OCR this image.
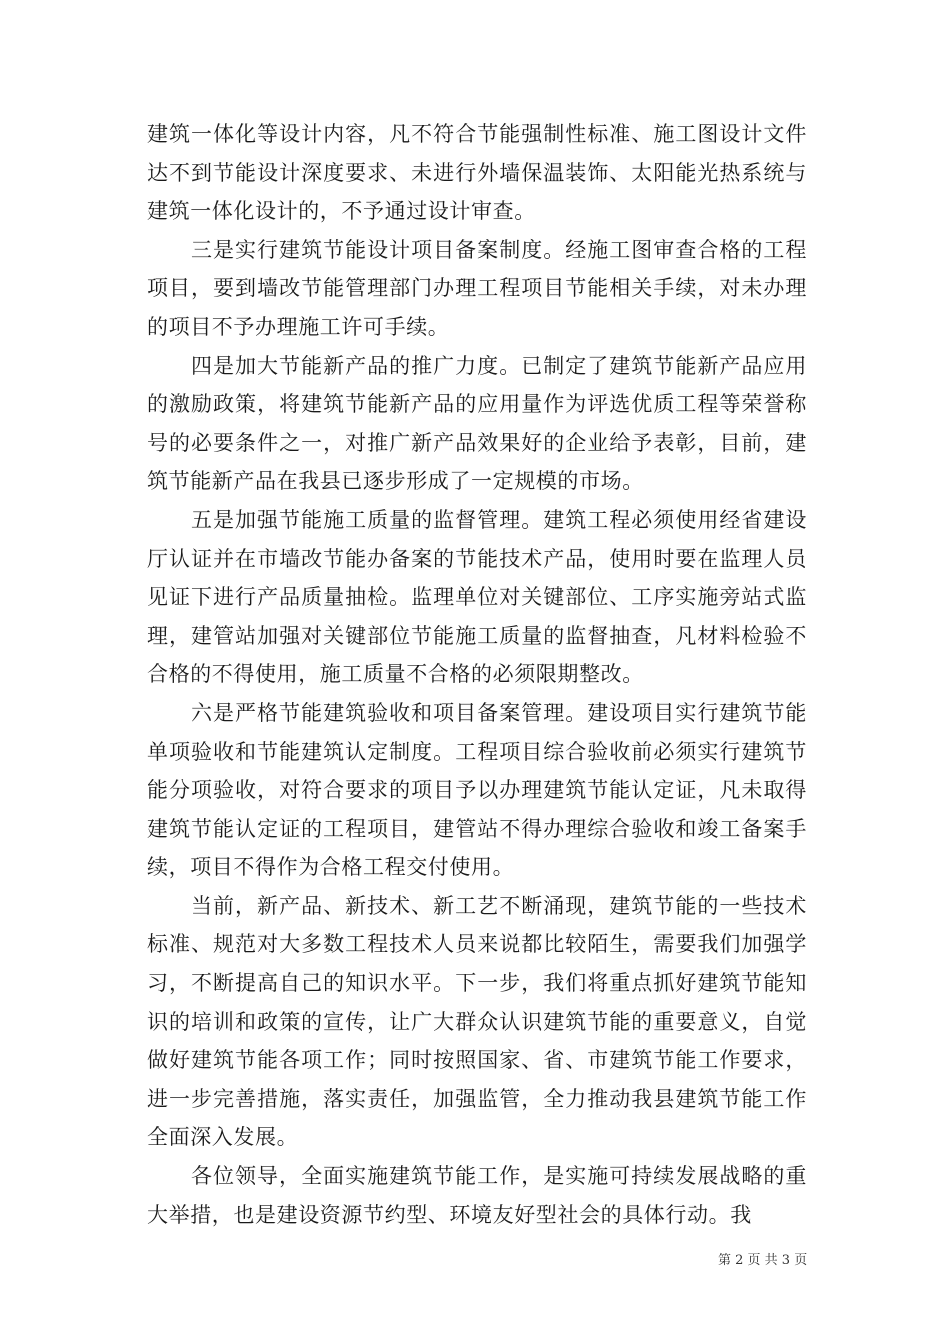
建筑一体化等设计内容，凡不符合节能强制性标准、施工图设计文件达不到节能设计深度要求、未进行外墙保温装饰、太阳能光热系统与建筑一体化设计的，不予通过设计审查。

三是实行建筑节能设计项目备案制度。经施工图审查合格的工程项目，要到墙改节能管理部门办理工程项目节能相关手续，对未办理的项目不予办理施工许可手续。

四是加大节能新产品的推广力度。已制定了建筑节能新产品应用的激励政策，将建筑节能新产品的应用量作为评选优质工程等荣誉称号的必要条件之一，对推广新产品效果好的企业给予表彰，目前，建筑节能新产品在我县已逐步形成了一定规模的市场。

五是加强节能施工质量的监督管理。建筑工程必须使用经省建设厅认证并在市墙改节能办备案的节能技术产品，使用时要在监理人员见证下进行产品质量抽检。监理单位对关键部位、工序实施旁站式监理，建管站加强对关键部位节能施工质量的监督抽查，凡材料检验不合格的不得使用，施工质量不合格的必须限期整改。

六是严格节能建筑验收和项目备案管理。建设项目实行建筑节能单项验收和节能建筑认定制度。工程项目综合验收前必须实行建筑节能分项验收，对符合要求的项目予以办理建筑节能认定证，凡未取得建筑节能认定证的工程项目，建管站不得办理综合验收和竣工备案手续，项目不得作为合格工程交付使用。

当前，新产品、新技术、新工艺不断涌现，建筑节能的一些技术标准、规范对大多数工程技术人员来说都比较陌生，需要我们加强学习，不断提高自己的知识水平。下一步，我们将重点抓好建筑节能知识的培训和政策的宣传，让广大群众认识建筑节能的重要意义，自觉做好建筑节能各项工作；同时按照国家、省、市建筑节能工作要求，进一步完善措施，落实责任，加强监管，全力推动我县建筑节能工作全面深入发展。

各位领导，全面实施建筑节能工作，是实施可持续发展战略的重大举措，也是建设资源节约型、环境友好型社会的具体行动。我

第 2 页 共 3 页
